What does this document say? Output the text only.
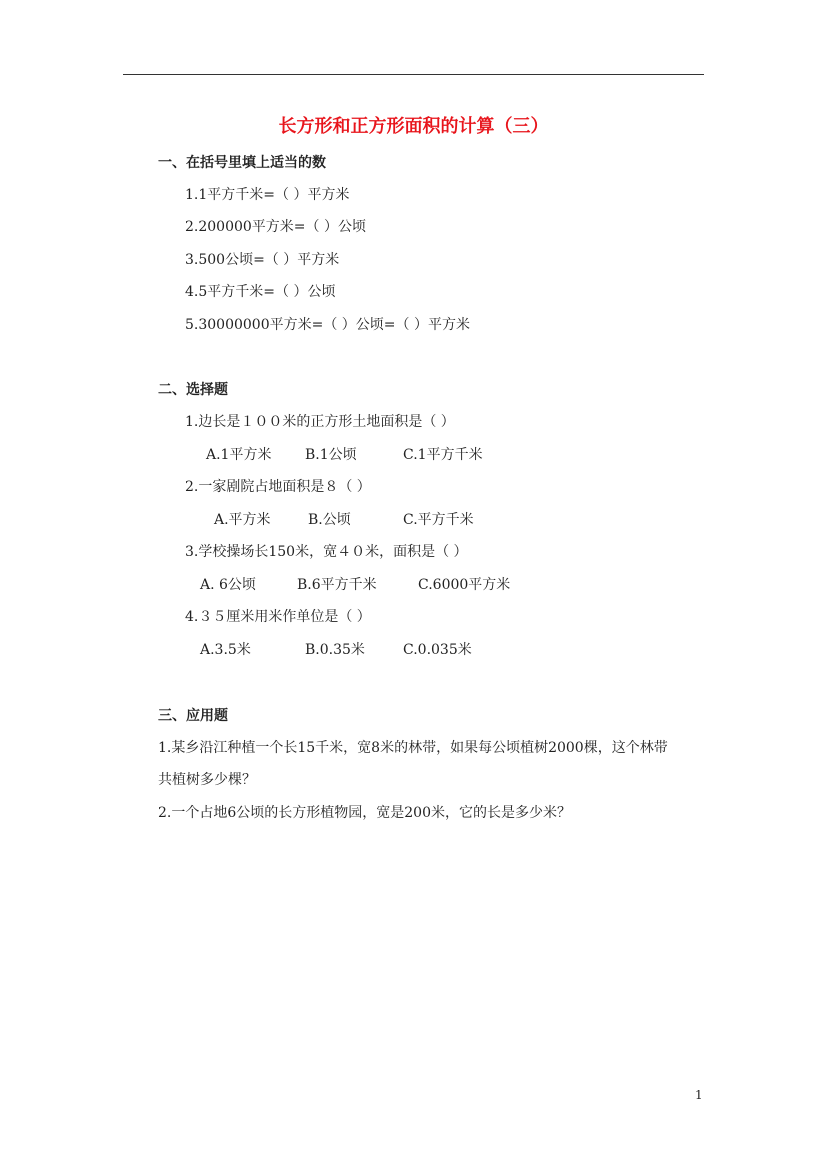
长方形和正方形面积的计算（三）
一、在括号里填上适当的数
1.1平方千米=（ ）平方米
2.200000平方米=（ ）公顷
3.500公顷=（ ）平方米
4.5平方千米=（ ）公顷
5.30000000平方米=（ ）公顷=（ ）平方米
二、选择题
1.边长是１００米的正方形土地面积是（ ）
A.1平方米 B.1公顷	C.1平方千米
2.一家剧院占地面积是８（ ）
A.平方米	B.公顷	C.平方千米
3.学校操场长150米，宽４０米，面积是（ ）
A. 6公顷	B.6平方千米	C.6000平方米
4.３５厘米用米作单位是（ ）
A.3.5米	B.0.35米	C.0.035米
三、应用题
1.某乡沿江种植一个长15千米，宽8米的林带，如果每公顷植树2000棵，这个林带
共植树多少棵？
2.一个占地6公顷的长方形植物园，宽是200米，它的长是多少米？
1
